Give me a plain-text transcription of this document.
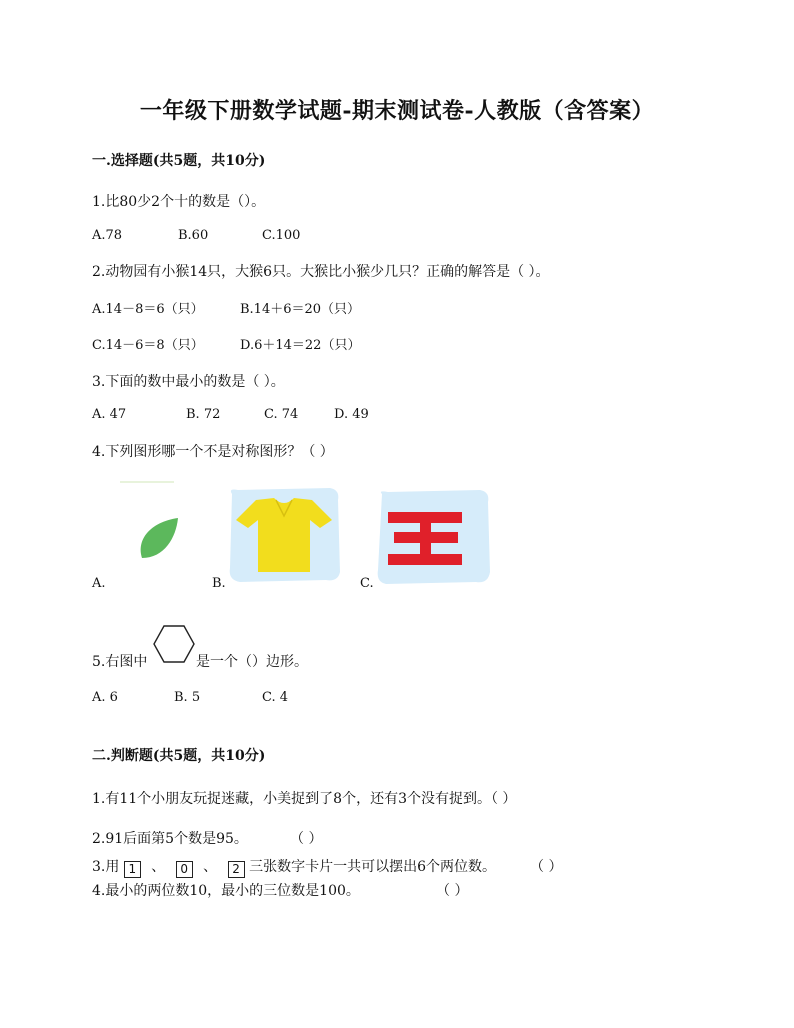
一年级下册数学试题-期末测试卷-人教版（含答案）
一.选择题(共5题，共10分)
1.比80少2个十的数是（）。
A.78	B.60	C.100
2.动物园有小猴14只，大猴6只。大猴比小猴少几只？正确的解答是（ ）。
A.14－8＝6（只）	B.14＋6＝20（只）
C.14－6＝8（只）	D.6＋14＝22（只）
3.下面的数中最小的数是（ ）。
A. 47	B. 72	C. 74	D. 49
4.下列图形哪一个不是对称图形？（ ）
A.	B.	C.
5.右图中	是一个（）边形。
A. 6	B. 5	C. 4
二.判断题(共5题，共10分)
1.有11个小朋友玩捉迷藏，小美捉到了8个，还有3个没有捉到。（ ）
2.91后面第5个数是95。	（ ）
3.用 1 、 0 、 2 三张数字卡片一共可以摆出6个两位数。 （ ）
4.最小的两位数10，最小的三位数是100。	（ ）
